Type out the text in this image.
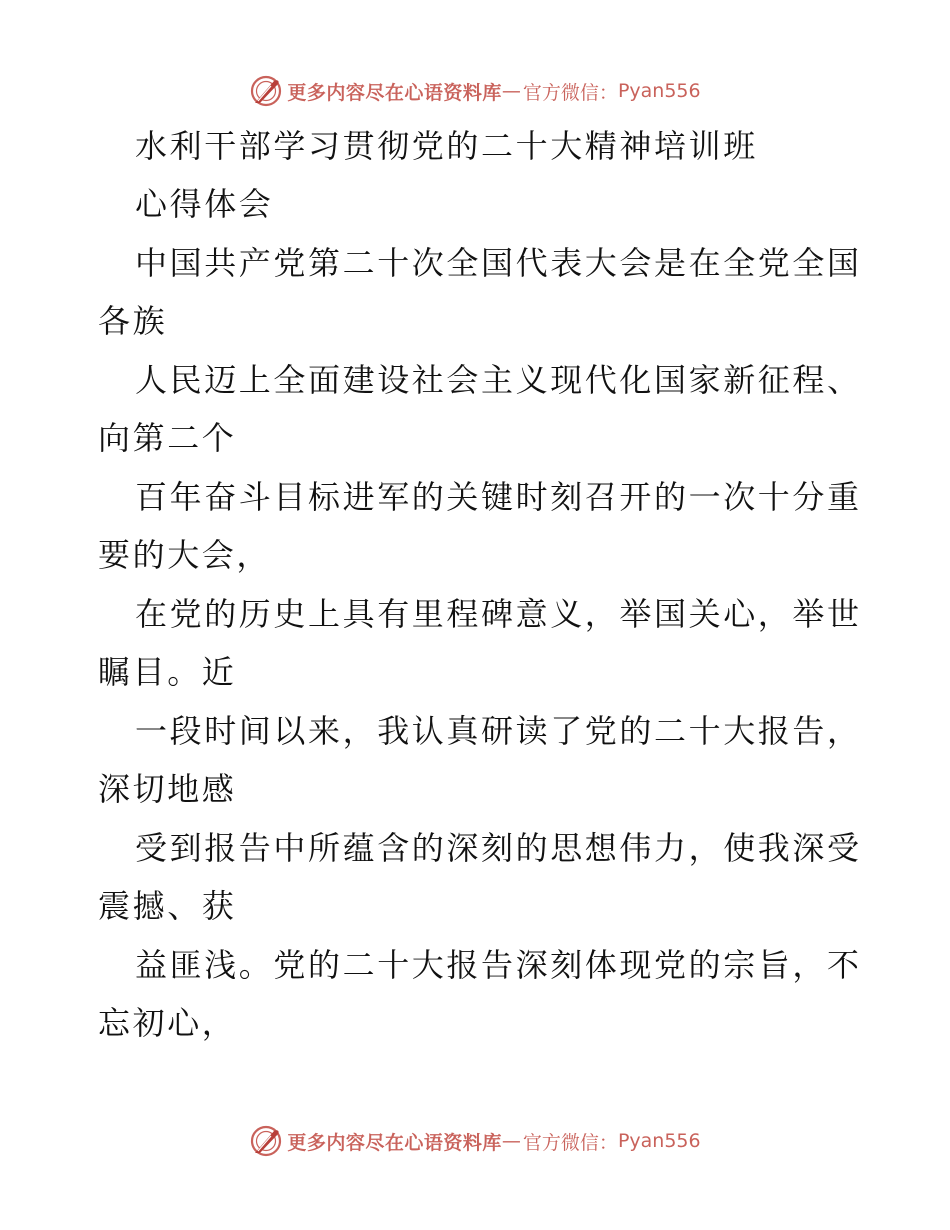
更多内容尽在心语资料库 — 官方微信： Pyan556
水利干部学习贯彻党的二十大精神培训班
心得体会
中国共产党第二十次全国代表大会是在全党全国
各族
人民迈上全面建设社会主义现代化国家新征程、
向第二个
百年奋斗目标进军的关键时刻召开的一次十分重
要的大会，
在党的历史上具有里程碑意义，举国关心，举世
瞩目。近
一段时间以来，我认真研读了党的二十大报告，
深切地感
受到报告中所蕴含的深刻的思想伟力，使我深受
震撼、获
益匪浅。党的二十大报告深刻体现党的宗旨，不
忘初心，
更多内容尽在心语资料库 — 官方微信： Pyan556
